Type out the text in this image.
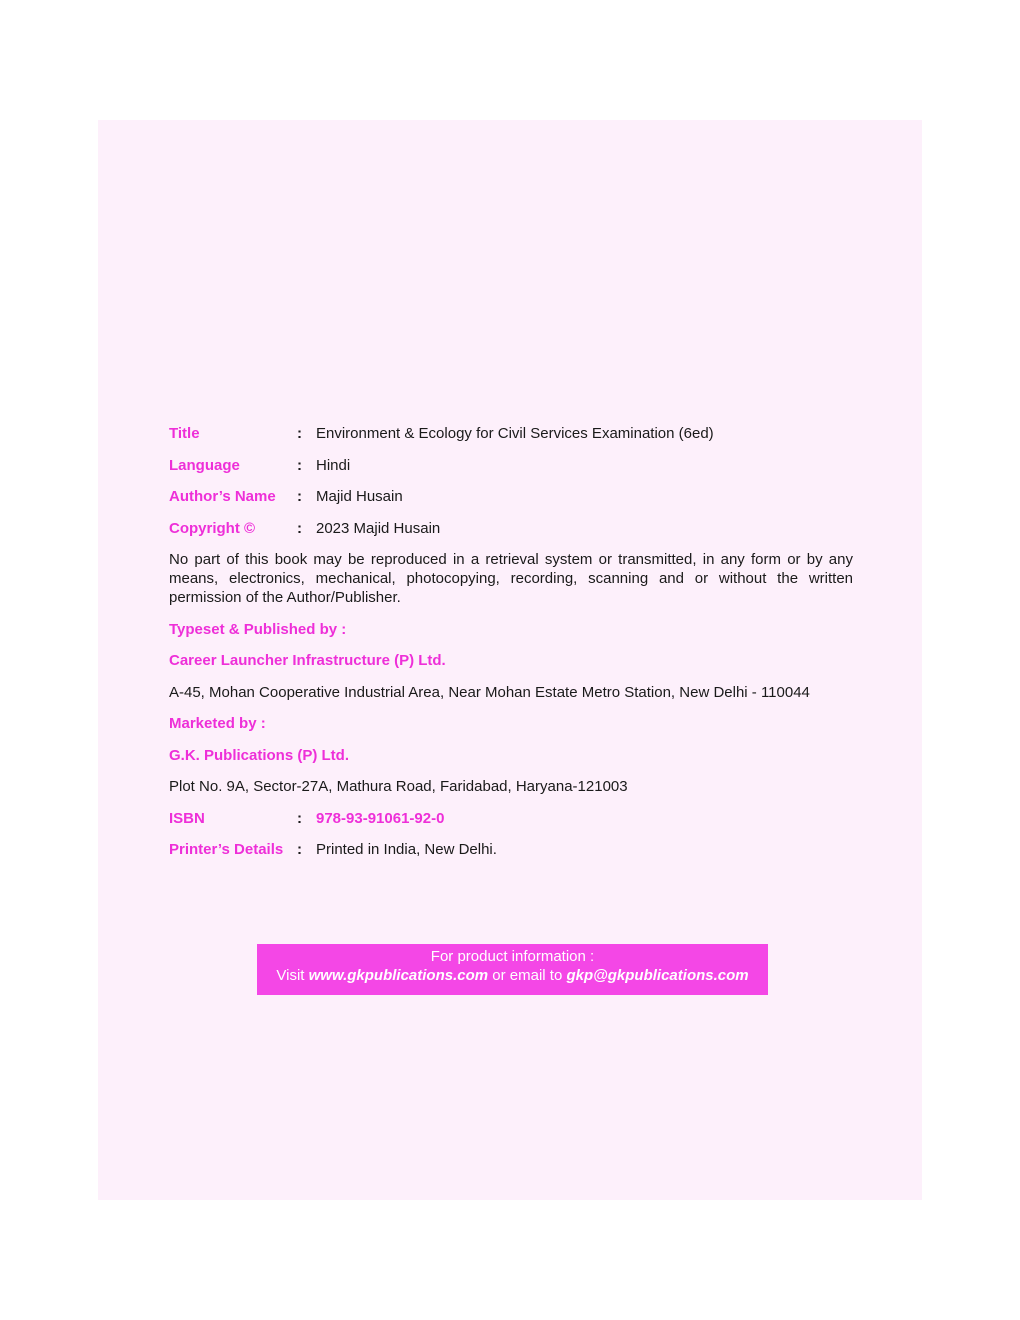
Title	: Environment & Ecology for Civil Services Examination (6ed)
Language	: Hindi
Author’s Name	: Majid Husain
Copyright ©	: 2023 Majid Husain

No part of this book may be reproduced in a retrieval system or transmitted, in any form or by any means, electronics, mechanical, photocopying, recording, scanning and or without the written permission of the Author/Publisher.

Typeset & Published by :
Career Launcher Infrastructure (P) Ltd.
A-45, Mohan Cooperative Industrial Area, Near Mohan Estate Metro Station, New Delhi - 110044
Marketed by :
G.K. Publications (P) Ltd.
Plot No. 9A, Sector-27A, Mathura Road, Faridabad, Haryana-121003
ISBN	: 978-93-91061-92-0
Printer’s Details : Printed in India, New Delhi.
For product information :
Visit www.gkpublications.com or email to gkp@gkpublications.com
